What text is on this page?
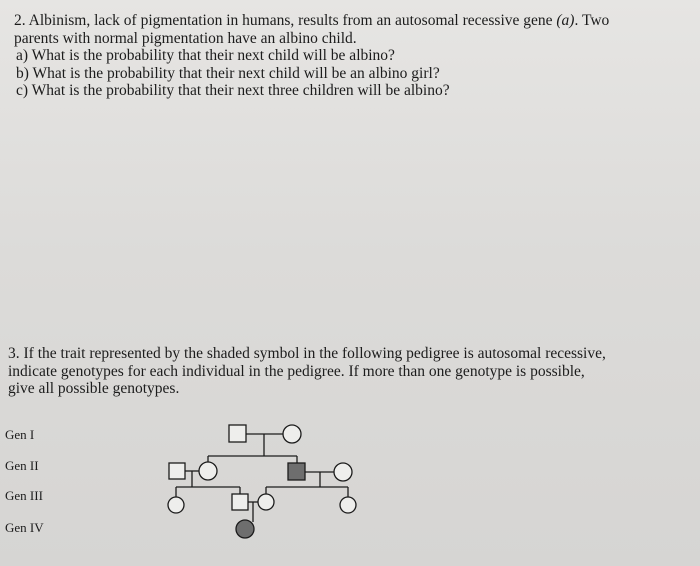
2. Albinism, lack of pigmentation in humans, results from an autosomal recessive gene (a). Two
parents with normal pigmentation have an albino child.
a) What is the probability that their next child will be albino?
b) What is the probability that their next child will be an albino girl?
c) What is the probability that their next three children will be albino?
3. If the trait represented by the shaded symbol in the following pedigree is autosomal recessive,
indicate genotypes for each individual in the pedigree. If more than one genotype is possible,
give all possible genotypes.
Gen I
Gen II
Gen III
Gen IV
